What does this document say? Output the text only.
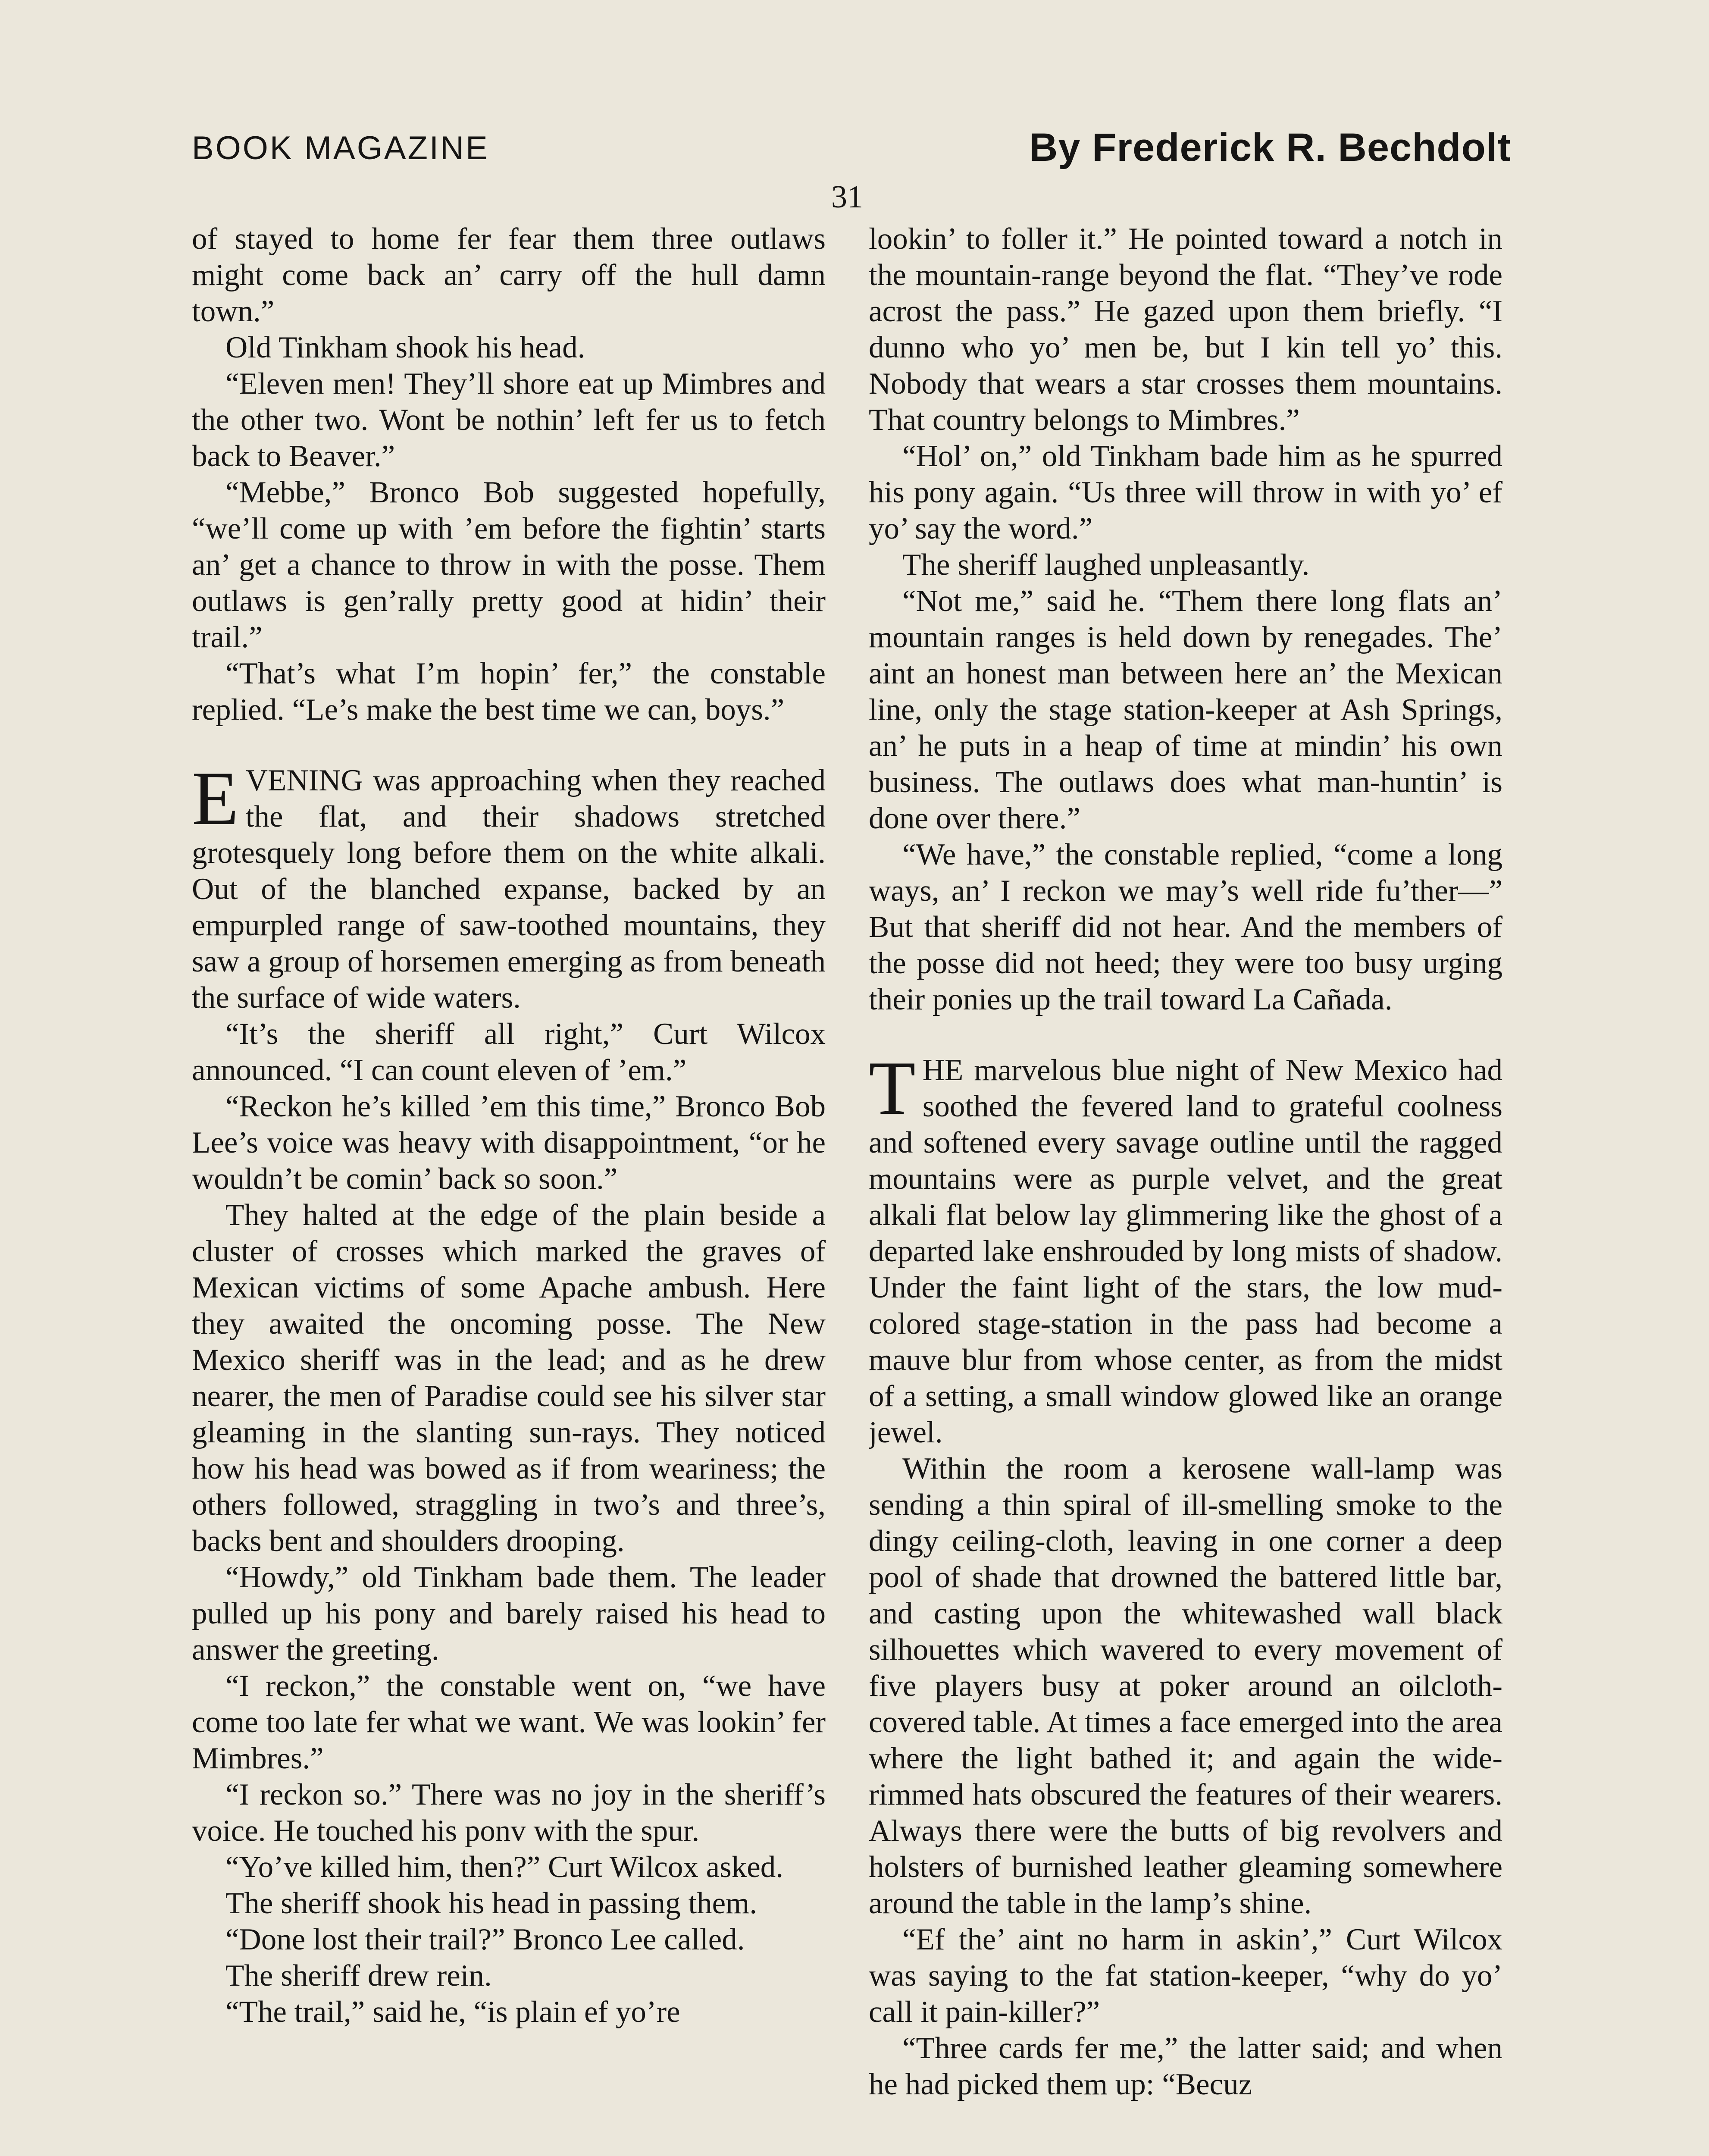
BOOK MAGAZINE	By Frederick R. Bechdolt
31

of stayed to home fer fear them three outlaws might come back an’ carry off the hull damn town.”

Old Tinkham shook his head.

“Eleven men! They’ll shore eat up Mimbres and the other two. Wont be nothin’ left fer us to fetch back to Beaver.”

“Mebbe,” Bronco Bob suggested hopefully, “we’ll come up with ’em before the fightin’ starts an’ get a chance to throw in with the posse. Them outlaws is gen’rally pretty good at hidin’ their trail.”

“That’s what I’m hopin’ fer,” the constable replied. “Le’s make the best time we can, boys.”

EVENING was approaching when they reached the flat, and their shadows stretched grotesquely long before them on the white alkali. Out of the blanched expanse, backed by an empurpled range of saw-toothed mountains, they saw a group of horsemen emerging as from beneath the surface of wide waters.

“It’s the sheriff all right,” Curt Wilcox announced. “I can count eleven of ’em.”

“Reckon he’s killed ’em this time,” Bronco Bob Lee’s voice was heavy with disappointment, “or he wouldn’t be comin’ back so soon.”

They halted at the edge of the plain beside a cluster of crosses which marked the graves of Mexican victims of some Apache ambush. Here they awaited the oncoming posse. The New Mexico sheriff was in the lead; and as he drew nearer, the men of Paradise could see his silver star gleaming in the slanting sun-rays. They noticed how his head was bowed as if from weariness; the others followed, straggling in two’s and three’s, backs bent and shoulders drooping.

“Howdy,” old Tinkham bade them. The leader pulled up his pony and barely raised his head to answer the greeting.

“I reckon,” the constable went on, “we have come too late fer what we want. We was lookin’ fer Mimbres.”

“I reckon so.” There was no joy in the sheriff’s voice. He touched his ponv with the spur.

“Yo’ve killed him, then?” Curt Wilcox asked.

The sheriff shook his head in passing them.

“Done lost their trail?” Bronco Lee called.

The sheriff drew rein.

“The trail,” said he, “is plain ef yo’re

lookin’ to foller it.” He pointed toward a notch in the mountain-range beyond the flat. “They’ve rode acrost the pass.” He gazed upon them briefly. “I dunno who yo’ men be, but I kin tell yo’ this. Nobody that wears a star crosses them mountains. That country belongs to Mimbres.”

“Hol’ on,” old Tinkham bade him as he spurred his pony again. “Us three will throw in with yo’ ef yo’ say the word.”

The sheriff laughed unpleasantly.

“Not me,” said he. “Them there long flats an’ mountain ranges is held down by renegades. The’ aint an honest man between here an’ the Mexican line, only the stage station-keeper at Ash Springs, an’ he puts in a heap of time at mindin’ his own business. The outlaws does what man-huntin’ is done over there.”

“We have,” the constable replied, “come a long ways, an’ I reckon we may’s well ride fu’ther—” But that sheriff did not hear. And the members of the posse did not heed; they were too busy urging their ponies up the trail toward La Cañada.

THE marvelous blue night of New Mexico had soothed the fevered land to grateful coolness and softened every savage outline until the ragged mountains were as purple velvet, and the great alkali flat below lay glimmering like the ghost of a departed lake enshrouded by long mists of shadow. Under the faint light of the stars, the low mud-colored stage-station in the pass had become a mauve blur from whose center, as from the midst of a setting, a small window glowed like an orange jewel.

Within the room a kerosene wall-lamp was sending a thin spiral of ill-smelling smoke to the dingy ceiling-cloth, leaving in one corner a deep pool of shade that drowned the battered little bar, and casting upon the whitewashed wall black silhouettes which wavered to every movement of five players busy at poker around an oilcloth-covered table. At times a face emerged into the area where the light bathed it; and again the wide-rimmed hats obscured the features of their wearers. Always there were the butts of big revolvers and holsters of burnished leather gleaming somewhere around the table in the lamp’s shine.

“Ef the’ aint no harm in askin’,” Curt Wilcox was saying to the fat station-keeper, “why do yo’ call it pain-killer?”

“Three cards fer me,” the latter said; and when he had picked them up: “Becuz
